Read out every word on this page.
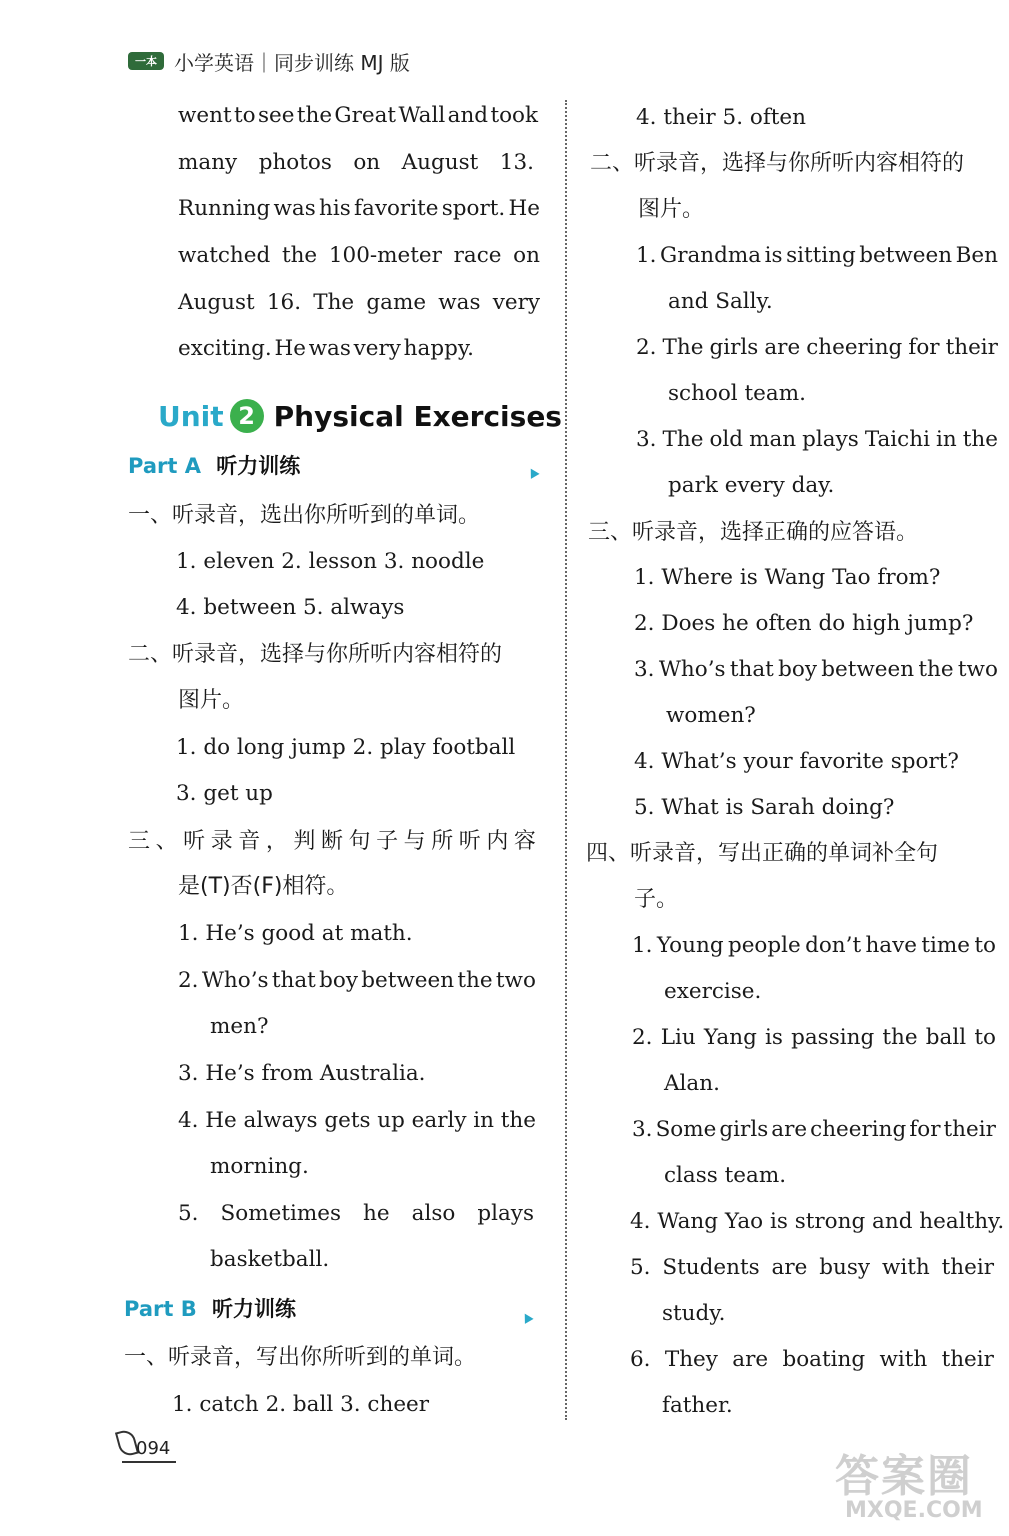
一本 小学英语｜同步训练 MJ 版
went to see the Great Wall and took
many photos on August 13.
Running was his favorite sport. He
watched the 100-meter race on
August 16. The game was very
exciting. He was very happy.
Unit 2 Physical Exercises
Part A 听力训练
一、听录音，选出你所听到的单词。
1. eleven 2. lesson 3. noodle
4. between 5. always
二、听录音，选择与你所听内容相符的
图片。
1. do long jump 2. play football
3. get up
三 、 听 录 音 ， 判 断 句 子 与 所 听 内 容
是(T)否(F)相符。
1. He’s good at math.
2. Who’s that boy between the two
men?
3. He’s from Australia.
4. He always gets up early in the
morning.
5. Sometimes he also plays
basketball.
Part B 听力训练
一、听录音，写出你所听到的单词。
1. catch 2. ball 3. cheer
4. their 5. often
二、听录音，选择与你所听内容相符的
图片。
1. Grandma is sitting between Ben
and Sally.
2. The girls are cheering for their
school team.
3. The old man plays Taichi in the
park every day.
三、听录音，选择正确的应答语。
1. Where is Wang Tao from?
2. Does he often do high jump?
3. Who’s that boy between the two
women?
4. What’s your favorite sport?
5. What is Sarah doing?
四、听录音，写出正确的单词补全句
子。
1. Young people don’t have time to
exercise.
2. Liu Yang is passing the ball to
Alan.
3. Some girls are cheering for their
class team.
4. Wang Yao is strong and healthy.
5. Students are busy with their
study.
6. They are boating with their
father.
094
答案圈
MXQE.COM
